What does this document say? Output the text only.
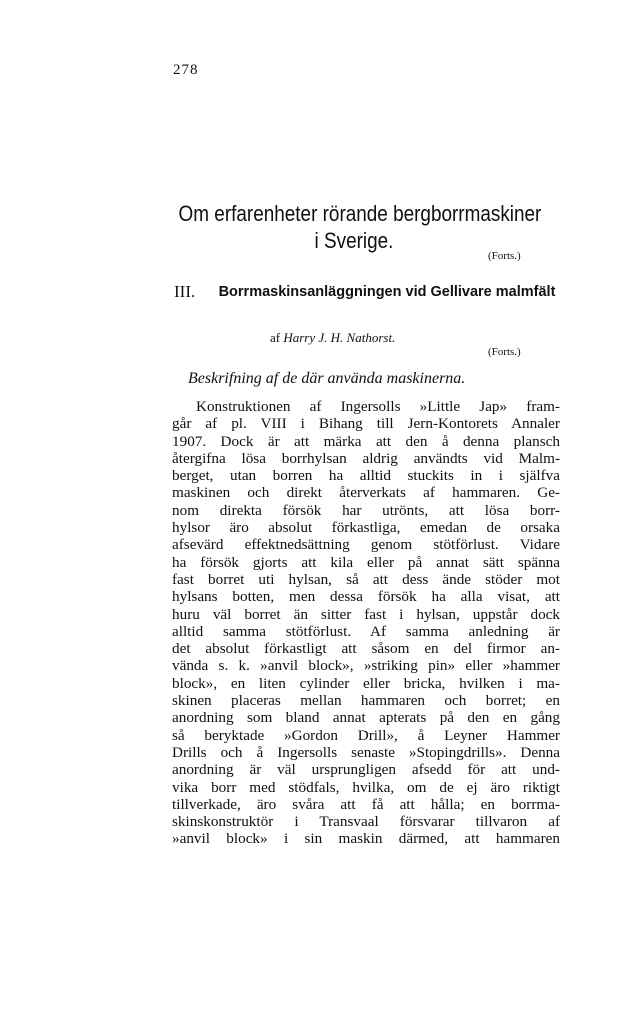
278
Om erfarenheter rörande bergborrmaskiner
i Sverige.
(Forts.)
III. Borrmaskinsanläggningen vid Gellivare malmfält
af Harry J. H. Nathorst.
(Forts.)
Beskrifning af de där använda maskinerna.
Konstruktionen af Ingersolls »Little Jap» fram-
går af pl. VIII i Bihang till Jern-Kontorets Annaler
1907. Dock är att märka att den å denna plansch
återgifna lösa borrhylsan aldrig användts vid Malm-
berget, utan borren ha alltid stuckits in i själfva
maskinen och direkt återverkats af hammaren. Ge-
nom direkta försök har utrönts, att lösa borr-
hylsor äro absolut förkastliga, emedan de orsaka
afsevärd effektnedsättning genom stötförlust. Vidare
ha försök gjorts att kila eller på annat sätt spänna
fast borret uti hylsan, så att dess ände stöder mot
hylsans botten, men dessa försök ha alla visat, att
huru väl borret än sitter fast i hylsan, uppstår dock
alltid samma stötförlust. Af samma anledning är
det absolut förkastligt att såsom en del firmor an-
vända s. k. »anvil block», »striking pin» eller »hammer
block», en liten cylinder eller bricka, hvilken i ma-
skinen placeras mellan hammaren och borret; en
anordning som bland annat apterats på den en gång
så beryktade »Gordon Drill», å Leyner Hammer
Drills och å Ingersolls senaste »Stopingdrills». Denna
anordning är väl ursprungligen afsedd för att und-
vika borr med stödfals, hvilka, om de ej äro riktigt
tillverkade, äro svåra att få att hålla; en borrma-
skinskonstruktör i Transvaal försvarar tillvaron af
»anvil block» i sin maskin därmed, att hammaren
